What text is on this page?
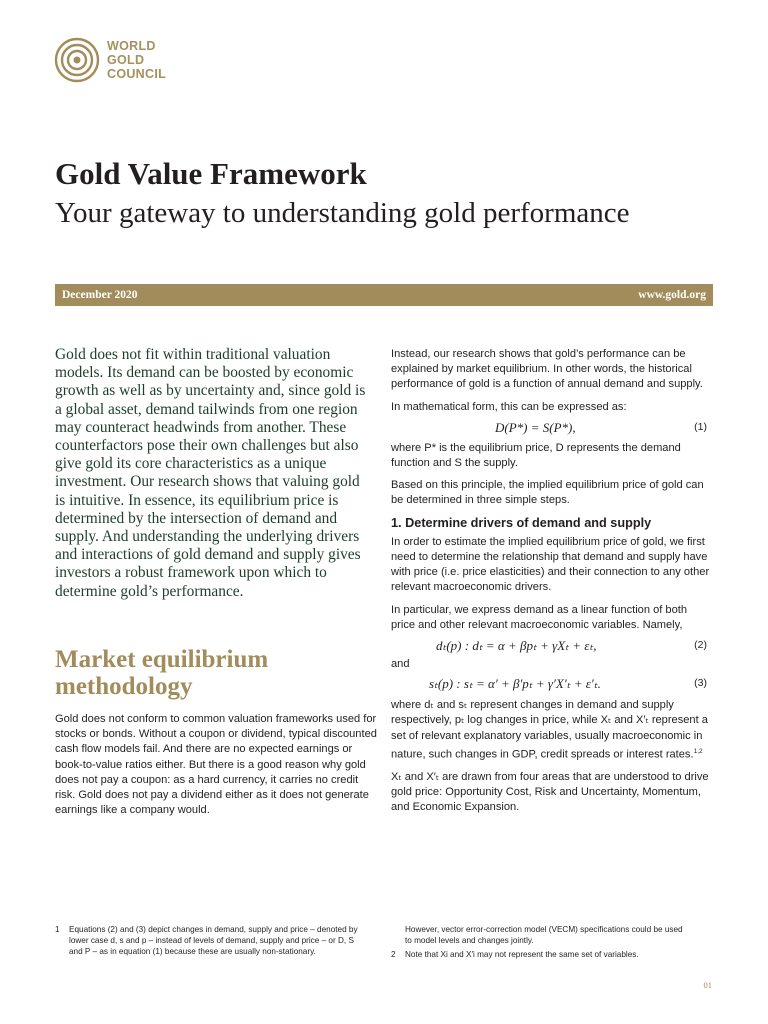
WORLD
GOLD
COUNCIL
Gold Value Framework
Your gateway to understanding gold performance
December 2020	www.gold.org
Gold does not fit within traditional valuation models. Its demand can be boosted by economic growth as well as by uncertainty and, since gold is a global asset, demand tailwinds from one region may counteract headwinds from another. These counterfactors pose their own challenges but also give gold its core characteristics as a unique investment. Our research shows that valuing gold is intuitive. In essence, its equilibrium price is determined by the intersection of demand and supply. And understanding the underlying drivers and interactions of gold demand and supply gives investors a robust framework upon which to determine gold’s performance.
Market equilibrium methodology
Gold does not conform to common valuation frameworks used for stocks or bonds. Without a coupon or dividend, typical discounted cash flow models fail. And there are no expected earnings or book-to-value ratios either. But there is a good reason why gold does not pay a coupon: as a hard currency, it carries no credit risk. Gold does not pay a dividend either as it does not generate earnings like a company would.

Instead, our research shows that gold’s performance can be explained by market equilibrium. In other words, the historical performance of gold is a function of annual demand and supply.

In mathematical form, this can be expressed as:

D(P*) = S(P*),	(1)

where P* is the equilibrium price, D represents the demand function and S the supply.

Based on this principle, the implied equilibrium price of gold can be determined in three simple steps.

1. Determine drivers of demand and supply

In order to estimate the implied equilibrium price of gold, we first need to determine the relationship that demand and supply have with price (i.e. price elasticities) and their connection to any other relevant macroeconomic drivers.

In particular, we express demand as a linear function of both price and other relevant macroeconomic variables. Namely,

dₜ(p) : dₜ = α + βpₜ + γXₜ + εₜ,	(2)
and
sₜ(p) : sₜ = α′ + β′pₜ + γ′X′ₜ + ε′ₜ.	(3)

where dₜ and sₜ represent changes in demand and supply respectively, pₜ log changes in price, while Xₜ and X′ₜ represent a set of relevant explanatory variables, usually macroeconomic in nature, such changes in GDP, credit spreads or interest rates.$^{1,2}$

Xₜ and X′ₜ are drawn from four areas that are understood to drive gold price: Opportunity Cost, Risk and Uncertainty, Momentum, and Economic Expansion.

1 Equations (2) and (3) depict changes in demand, supply and price – denoted by lower case d, s and p – instead of levels of demand, supply and price – or D, S and P – as in equation (1) because these are usually non-stationary.
However, vector error-correction model (VECM) specifications could be used to model levels and changes jointly.
2 Note that Xi and X′i may not represent the same set of variables.
01
